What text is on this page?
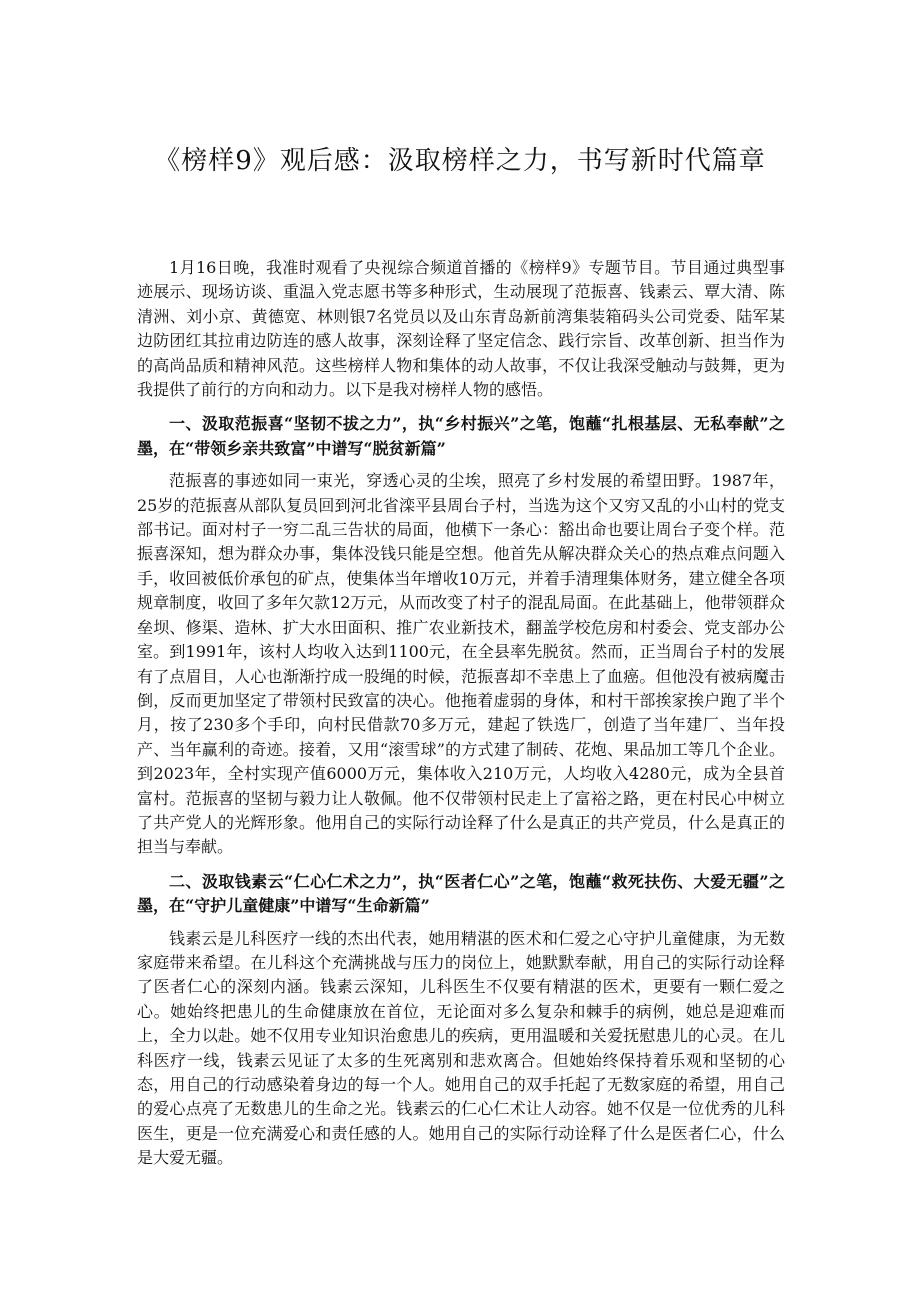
《榜样9》观后感：汲取榜样之力，书写新时代篇章

1月16日晚，我准时观看了央视综合频道首播的《榜样9》专题节目。节目通过典型事迹展示、现场访谈、重温入党志愿书等多种形式，生动展现了范振喜、钱素云、覃大清、陈清洲、刘小京、黄德宽、林则银7名党员以及山东青岛新前湾集装箱码头公司党委、陆军某边防团红其拉甫边防连的感人故事，深刻诠释了坚定信念、践行宗旨、改革创新、担当作为的高尚品质和精神风范。这些榜样人物和集体的动人故事，不仅让我深受触动与鼓舞，更为我提供了前行的方向和动力。以下是我对榜样人物的感悟。

一、汲取范振喜“坚韧不拔之力”，执“乡村振兴”之笔，饱蘸“扎根基层、无私奉献”之墨，在“带领乡亲共致富”中谱写“脱贫新篇”

范振喜的事迹如同一束光，穿透心灵的尘埃，照亮了乡村发展的希望田野。1987年，25岁的范振喜从部队复员回到河北省滦平县周台子村，当选为这个又穷又乱的小山村的党支部书记。面对村子一穷二乱三告状的局面，他横下一条心：豁出命也要让周台子变个样。范振喜深知，想为群众办事，集体没钱只能是空想。他首先从解决群众关心的热点难点问题入手，收回被低价承包的矿点，使集体当年增收10万元，并着手清理集体财务，建立健全各项规章制度，收回了多年欠款12万元，从而改变了村子的混乱局面。在此基础上，他带领群众垒坝、修渠、造林、扩大水田面积、推广农业新技术，翻盖学校危房和村委会、党支部办公室。到1991年，该村人均收入达到1100元，在全县率先脱贫。然而，正当周台子村的发展有了点眉目，人心也渐渐拧成一股绳的时候，范振喜却不幸患上了血癌。但他没有被病魔击倒，反而更加坚定了带领村民致富的决心。他拖着虚弱的身体，和村干部挨家挨户跑了半个月，按了230多个手印，向村民借款70多万元，建起了铁选厂，创造了当年建厂、当年投产、当年赢利的奇迹。接着，又用“滚雪球”的方式建了制砖、花炮、果品加工等几个企业。到2023年，全村实现产值6000万元，集体收入210万元，人均收入4280元，成为全县首富村。范振喜的坚韧与毅力让人敬佩。他不仅带领村民走上了富裕之路，更在村民心中树立了共产党人的光辉形象。他用自己的实际行动诠释了什么是真正的共产党员，什么是真正的担当与奉献。

二、汲取钱素云“仁心仁术之力”，执“医者仁心”之笔，饱蘸“救死扶伤、大爱无疆”之墨，在“守护儿童健康”中谱写“生命新篇”

钱素云是儿科医疗一线的杰出代表，她用精湛的医术和仁爱之心守护儿童健康，为无数家庭带来希望。在儿科这个充满挑战与压力的岗位上，她默默奉献，用自己的实际行动诠释了医者仁心的深刻内涵。钱素云深知，儿科医生不仅要有精湛的医术，更要有一颗仁爱之心。她始终把患儿的生命健康放在首位，无论面对多么复杂和棘手的病例，她总是迎难而上，全力以赴。她不仅用专业知识治愈患儿的疾病，更用温暖和关爱抚慰患儿的心灵。在儿科医疗一线，钱素云见证了太多的生死离别和悲欢离合。但她始终保持着乐观和坚韧的心态，用自己的行动感染着身边的每一个人。她用自己的双手托起了无数家庭的希望，用自己的爱心点亮了无数患儿的生命之光。钱素云的仁心仁术让人动容。她不仅是一位优秀的儿科医生，更是一位充满爱心和责任感的人。她用自己的实际行动诠释了什么是医者仁心，什么是大爱无疆。
